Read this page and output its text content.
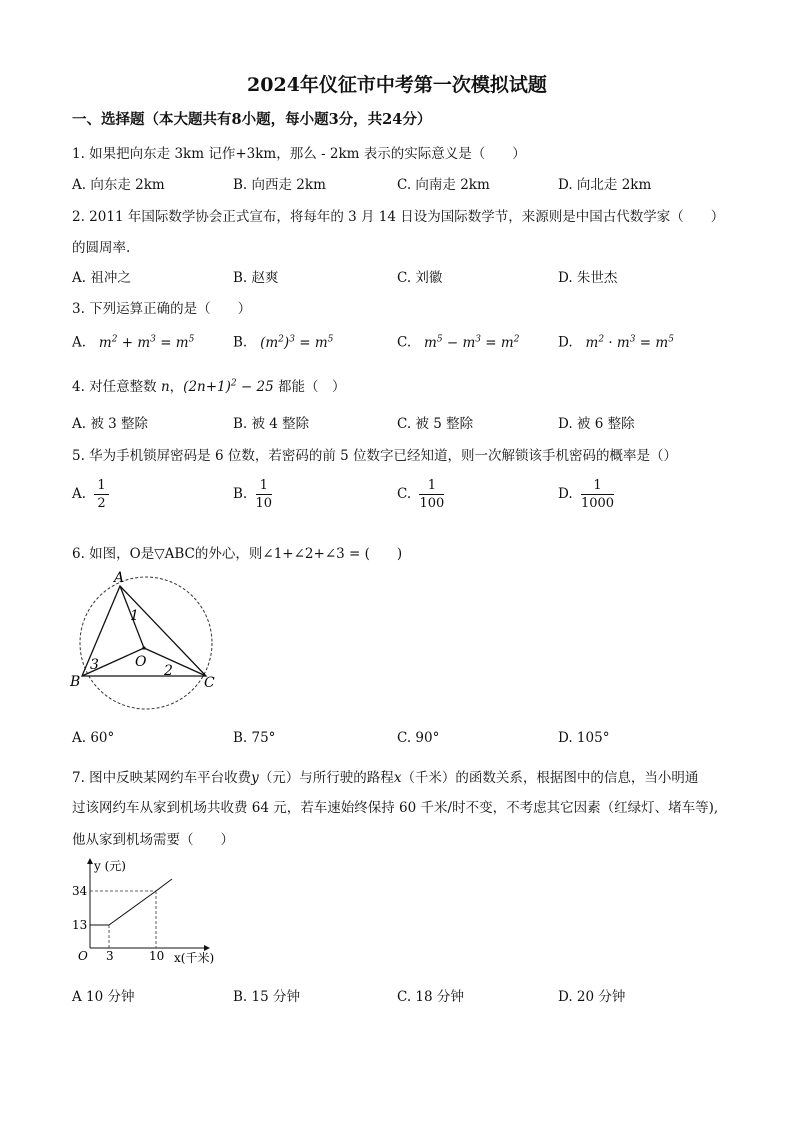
2024年仪征市中考第一次模拟试题
一、选择题（本大题共有8小题，每小题3分，共24分）
1. 如果把向东走 3km 记作+3km，那么 - 2km 表示的实际意义是（　　）
A. 向东走 2km	B. 向西走 2km	C. 向南走 2km	D. 向北走 2km
2. 2011 年国际数学协会正式宣布，将每年的 3 月 14 日设为国际数学节，来源则是中国古代数学家（　　）
的圆周率.
A. 祖冲之	B. 赵爽	C. 刘徽	D. 朱世杰
3. 下列运算正确的是（　　）
A.   $m^2 + m^3 = m^5$	B.   $(m^2)^3 = m^5$	C.   $m^5 - m^3 = m^2$	D.   $m^2 \cdot m^3 = m^5$
4. 对任意整数 n，$(2n+1)^2 - 25$ 都能（　）
A. 被 3 整除	B. 被 4 整除	C. 被 5 整除	D. 被 6 整除
5. 华为手机锁屏密码是 6 位数，若密码的前 5 位数字已经知道，则一次解锁该手机密码的概率是（）
A. $\frac{1}{2}$	B. $\frac{1}{10}$	C. $\frac{1}{100}$	D. $\frac{1}{1000}$
6. 如图，O是▽ABC的外心，则∠1+∠2+∠3 = (　　)
A
B	C
O
1
2
3
A. 60°	B. 75°	C. 90°	D. 105°
7. 图中反映某网约车平台收费y（元）与所行驶的路程x（千米）的函数关系，根据图中的信息，当小明通
过该网约车从家到机场共收费 64 元，若车速始终保持 60 千米/时不变，不考虑其它因素（红绿灯、堵车等),
他从家到机场需要（　　）
y (元)
x(千米)
O
13
34
3	10
A 10 分钟	B. 15 分钟	C. 18 分钟	D. 20 分钟
